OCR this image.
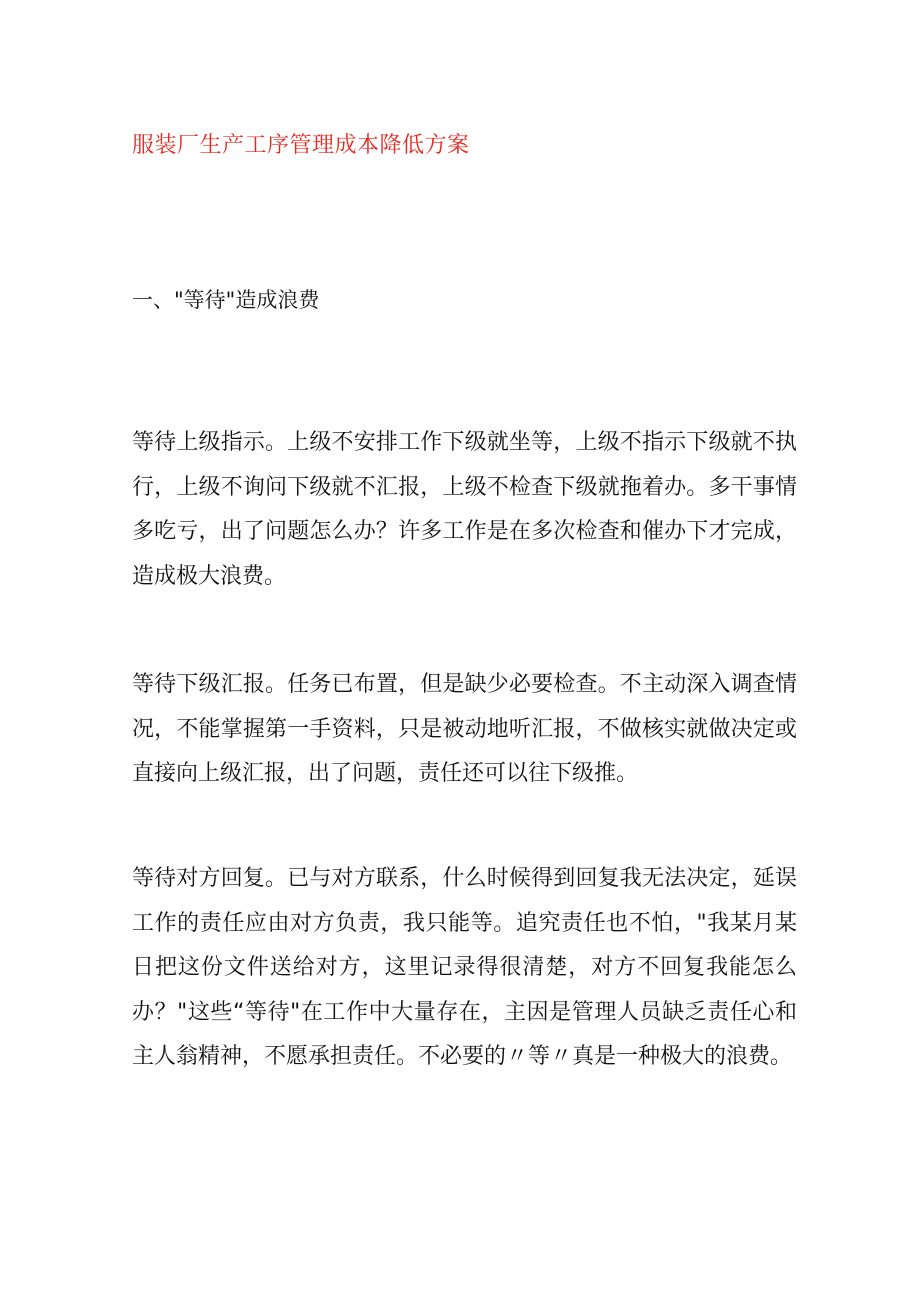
服装厂生产工序管理成本降低方案
一、"等待"造成浪费

等待上级指示。上级不安排工作下级就坐等，上级不指示下级就不执行，上级不询问下级就不汇报，上级不检查下级就拖着办。多干事情多吃亏，出了问题怎么办？许多工作是在多次检查和催办下才完成，造成极大浪费。

等待下级汇报。任务已布置，但是缺少必要检查。不主动深入调查情况，不能掌握第一手资料，只是被动地听汇报，不做核实就做决定或直接向上级汇报，出了问题，责任还可以往下级推。

等待对方回复。已与对方联系，什么时候得到回复我无法决定，延误工作的责任应由对方负责，我只能等。追究责任也不怕，"我某月某日把这份文件送给对方，这里记录得很清楚，对方不回复我能怎么办？"这些“等待"在工作中大量存在，主因是管理人员缺乏责任心和主人翁精神，不愿承担责任。不必要的〃等〃真是一种极大的浪费。
